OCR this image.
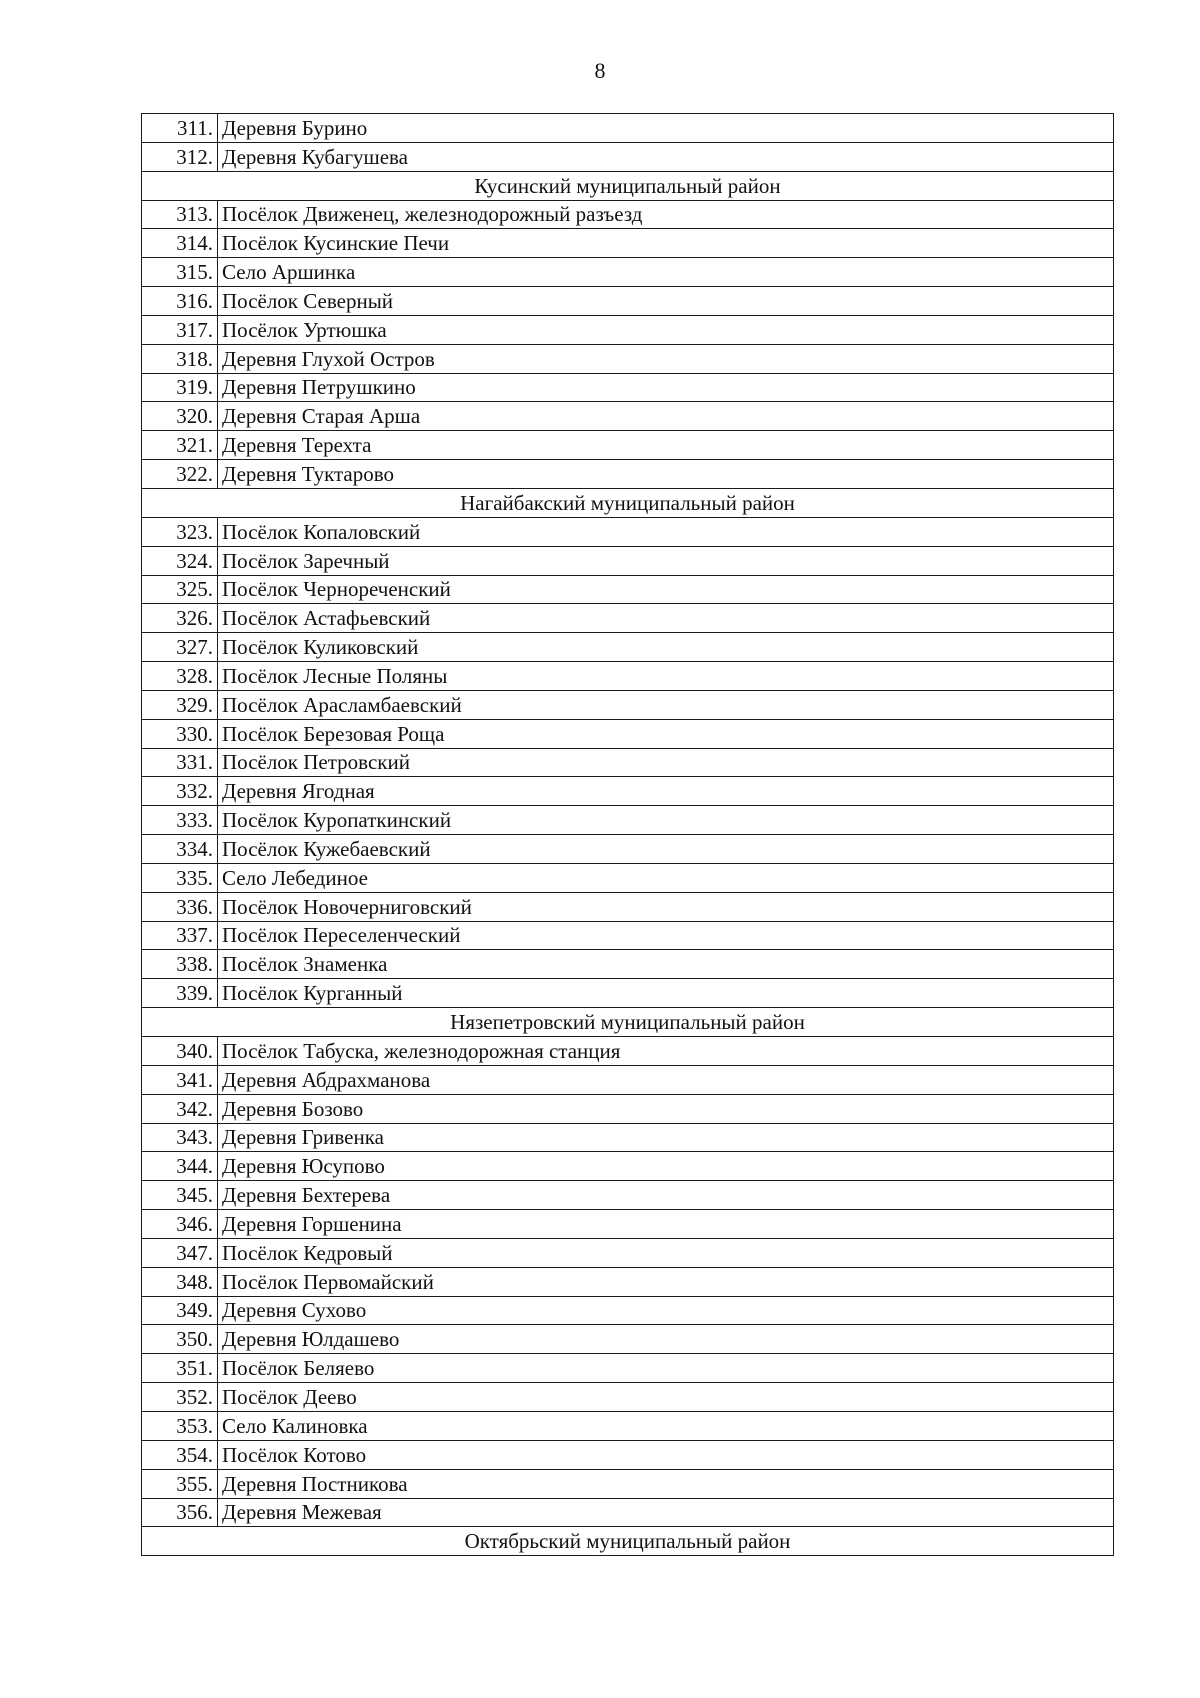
8
311.	Деревня Бурино
312.	Деревня Кубагушева
Кусинский муниципальный район	
313.	Посёлок Движенец, железнодорожный разъезд
314.	Посёлок Кусинские Печи
315.	Село Аршинка
316.	Посёлок Северный
317.	Посёлок Уртюшка
318.	Деревня Глухой Остров
319.	Деревня Петрушкино
320.	Деревня Старая Арша
321.	Деревня Терехта
322.	Деревня Туктарово
Нагайбакский муниципальный район	
323.	Посёлок Копаловский
324.	Посёлок Заречный
325.	Посёлок Чернореченский
326.	Посёлок Астафьевский
327.	Посёлок Куликовский
328.	Посёлок Лесные Поляны
329.	Посёлок Арасламбаевский
330.	Посёлок Березовая Роща
331.	Посёлок Петровский
332.	Деревня Ягодная
333.	Посёлок Куропаткинский
334.	Посёлок Кужебаевский
335.	Село Лебединое
336.	Посёлок Новочерниговский
337.	Посёлок Переселенческий
338.	Посёлок Знаменка
339.	Посёлок Курганный
Нязепетровский муниципальный район	
340.	Посёлок Табуска, железнодорожная станция
341.	Деревня Абдрахманова
342.	Деревня Бозово
343.	Деревня Гривенка
344.	Деревня Юсупово
345.	Деревня Бехтерева
346.	Деревня Горшенина
347.	Посёлок Кедровый
348.	Посёлок Первомайский
349.	Деревня Сухово
350.	Деревня Юлдашево
351.	Посёлок Беляево
352.	Посёлок Деево
353.	Село Калиновка
354.	Посёлок Котово
355.	Деревня Постникова
356.	Деревня Межевая
Октябрьский муниципальный район	
